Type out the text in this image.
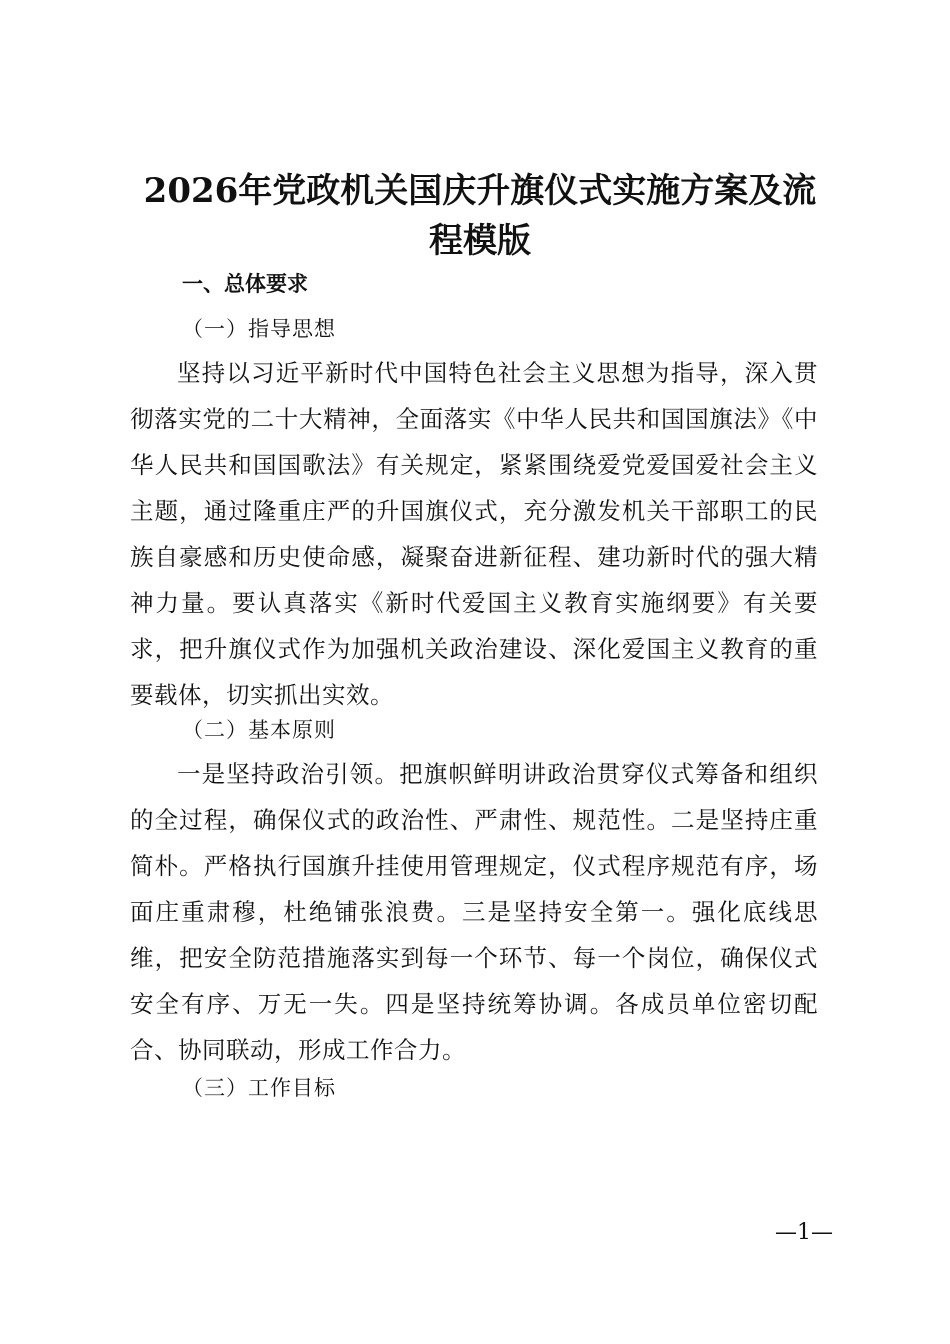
2026年党政机关国庆升旗仪式实施方案及流
程模版

一、总体要求

（一）指导思想

坚持以习近平新时代中国特色社会主义思想为指导，深入贯彻落实党的二十大精神，全面落实《中华人民共和国国旗法》《中华人民共和国国歌法》有关规定，紧紧围绕爱党爱国爱社会主义主题，通过隆重庄严的升国旗仪式，充分激发机关干部职工的民族自豪感和历史使命感，凝聚奋进新征程、建功新时代的强大精神力量。要认真落实《新时代爱国主义教育实施纲要》有关要求，把升旗仪式作为加强机关政治建设、深化爱国主义教育的重要载体，切实抓出实效。

（二）基本原则

一是坚持政治引领。把旗帜鲜明讲政治贯穿仪式筹备和组织的全过程，确保仪式的政治性、严肃性、规范性。二是坚持庄重简朴。严格执行国旗升挂使用管理规定，仪式程序规范有序，场面庄重肃穆，杜绝铺张浪费。三是坚持安全第一。强化底线思维，把安全防范措施落实到每一个环节、每一个岗位，确保仪式安全有序、万无一失。四是坚持统筹协调。各成员单位密切配合、协同联动，形成工作合力。

（三）工作目标

—1—
